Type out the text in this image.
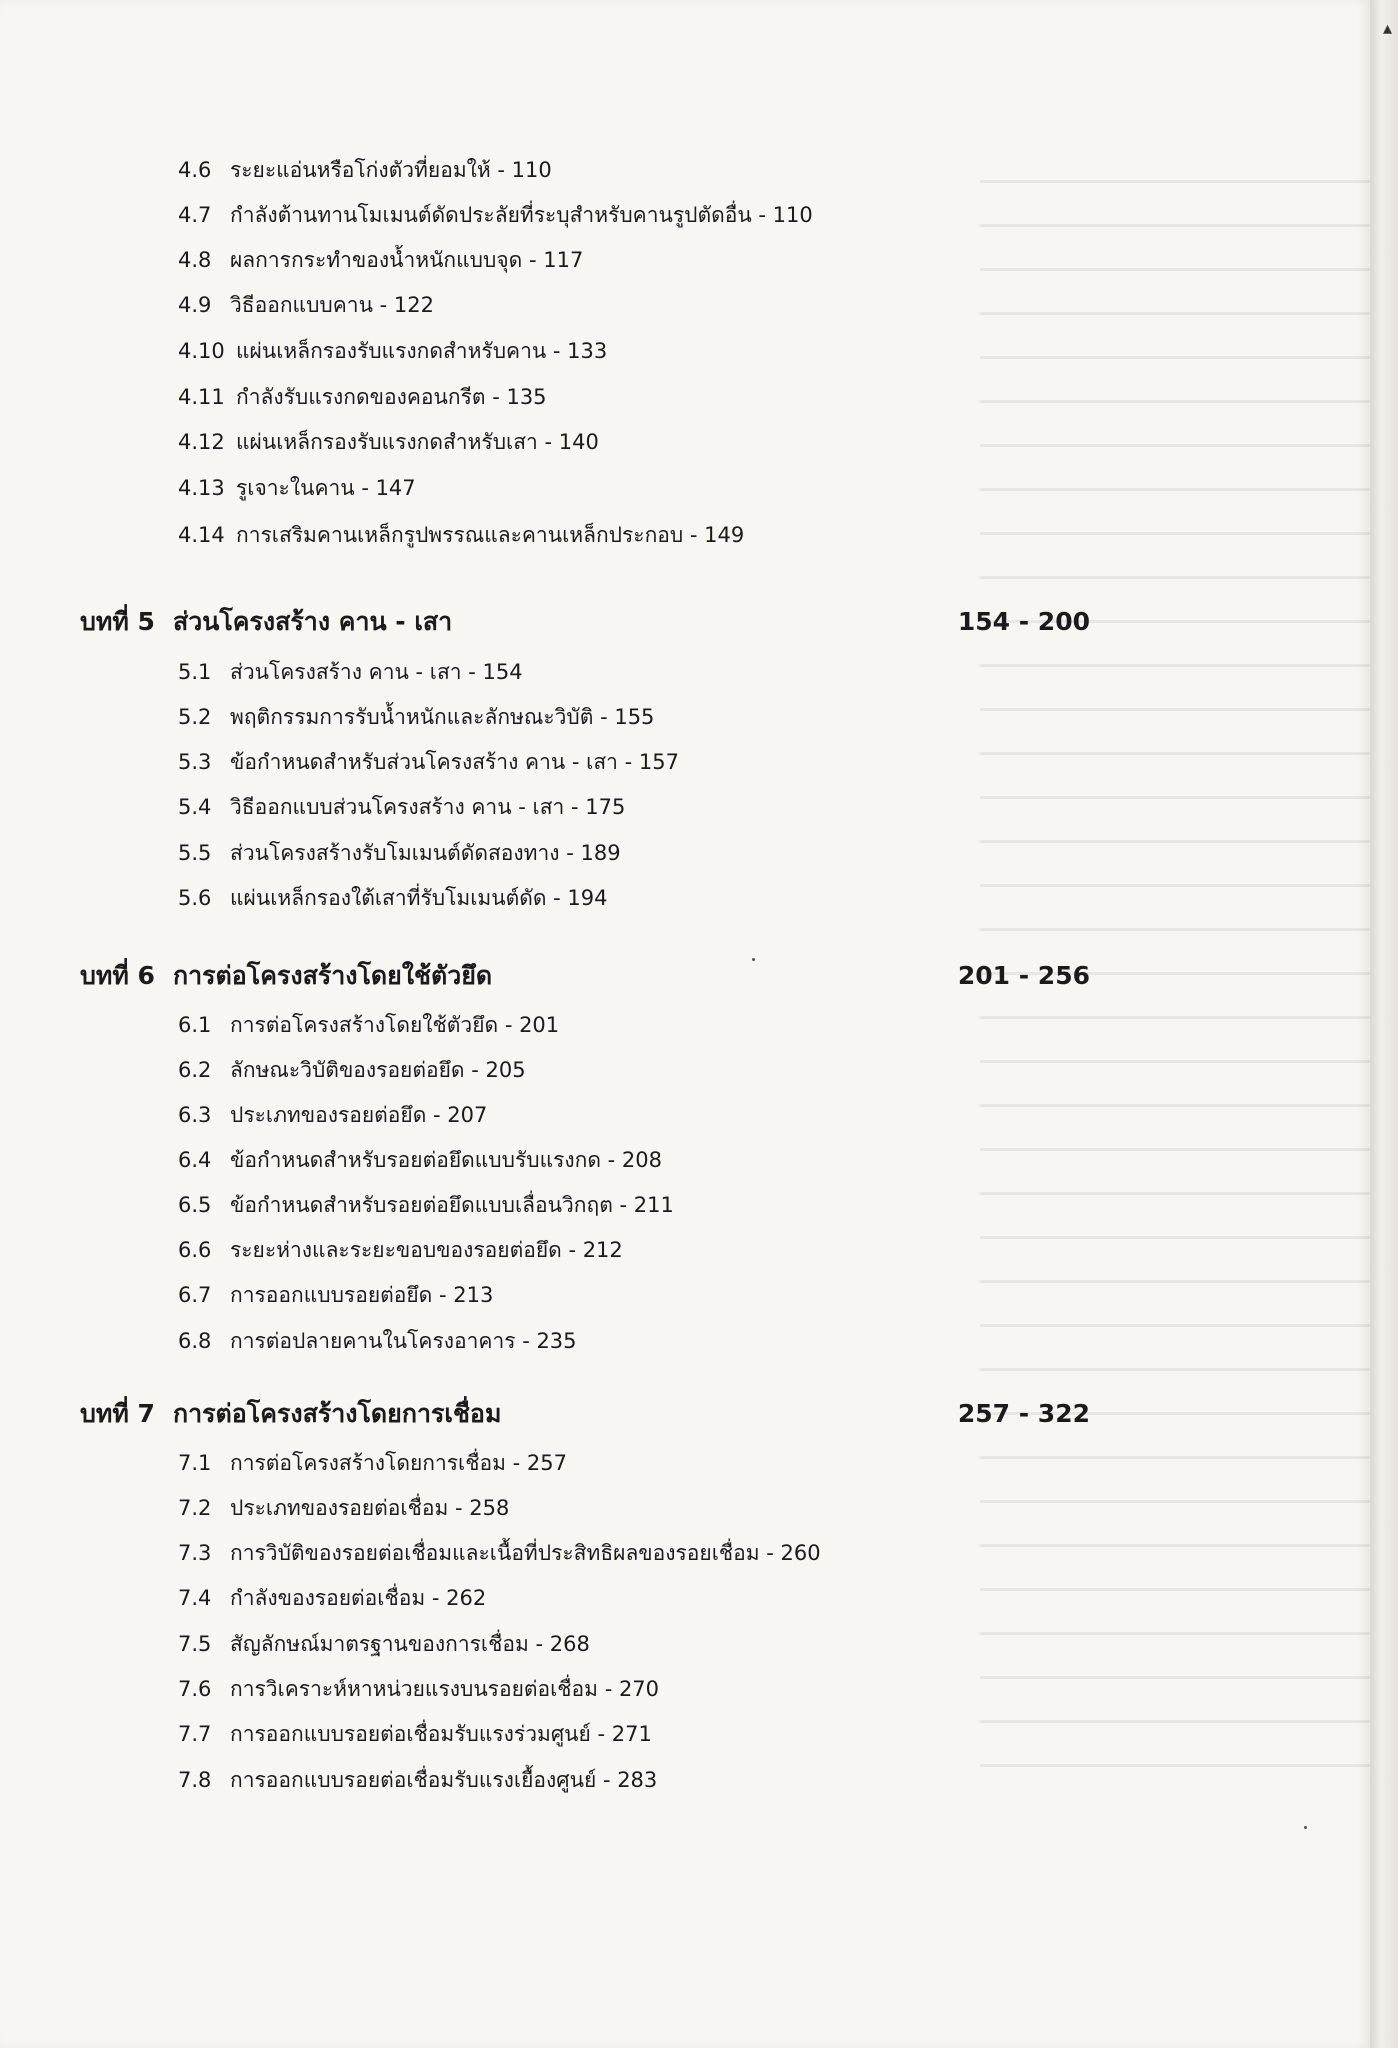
4.6 ระยะแอ่นหรือโก่งตัวที่ยอมให้ - 110
4.7 กำลังต้านทานโมเมนต์ดัดประลัยที่ระบุสำหรับคานรูปตัดอื่น - 110
4.8 ผลการกระทำของน้ำหนักแบบจุด - 117
4.9 วิธีออกแบบคาน - 122
4.10 แผ่นเหล็กรองรับแรงกดสำหรับคาน - 133
4.11 กำลังรับแรงกดของคอนกรีต - 135
4.12 แผ่นเหล็กรองรับแรงกดสำหรับเสา - 140
4.13 รูเจาะในคาน - 147
4.14 การเสริมคานเหล็กรูปพรรณและคานเหล็กประกอบ - 149
บทที่ 5 ส่วนโครงสร้าง คาน - เสา	154 - 200
5.1 ส่วนโครงสร้าง คาน - เสา - 154
5.2 พฤติกรรมการรับน้ำหนักและลักษณะวิบัติ - 155
5.3 ข้อกำหนดสำหรับส่วนโครงสร้าง คาน - เสา - 157
5.4 วิธีออกแบบส่วนโครงสร้าง คาน - เสา - 175
5.5 ส่วนโครงสร้างรับโมเมนต์ดัดสองทาง - 189
5.6 แผ่นเหล็กรองใต้เสาที่รับโมเมนต์ดัด - 194
บทที่ 6 การต่อโครงสร้างโดยใช้ตัวยึด	201 - 256
6.1 การต่อโครงสร้างโดยใช้ตัวยึด - 201
6.2 ลักษณะวิบัติของรอยต่อยึด - 205
6.3 ประเภทของรอยต่อยึด - 207
6.4 ข้อกำหนดสำหรับรอยต่อยึดแบบรับแรงกด - 208
6.5 ข้อกำหนดสำหรับรอยต่อยึดแบบเลื่อนวิกฤต - 211
6.6 ระยะห่างและระยะขอบของรอยต่อยึด - 212
6.7 การออกแบบรอยต่อยึด - 213
6.8 การต่อปลายคานในโครงอาคาร - 235
บทที่ 7 การต่อโครงสร้างโดยการเชื่อม	257 - 322
7.1 การต่อโครงสร้างโดยการเชื่อม - 257
7.2 ประเภทของรอยต่อเชื่อม - 258
7.3 การวิบัติของรอยต่อเชื่อมและเนื้อที่ประสิทธิผลของรอยเชื่อม - 260
7.4 กำลังของรอยต่อเชื่อม - 262
7.5 สัญลักษณ์มาตรฐานของการเชื่อม - 268
7.6 การวิเคราะห์หาหน่วยแรงบนรอยต่อเชื่อม - 270
7.7 การออกแบบรอยต่อเชื่อมรับแรงร่วมศูนย์ - 271
7.8 การออกแบบรอยต่อเชื่อมรับแรงเยื้องศูนย์ - 283
▴
